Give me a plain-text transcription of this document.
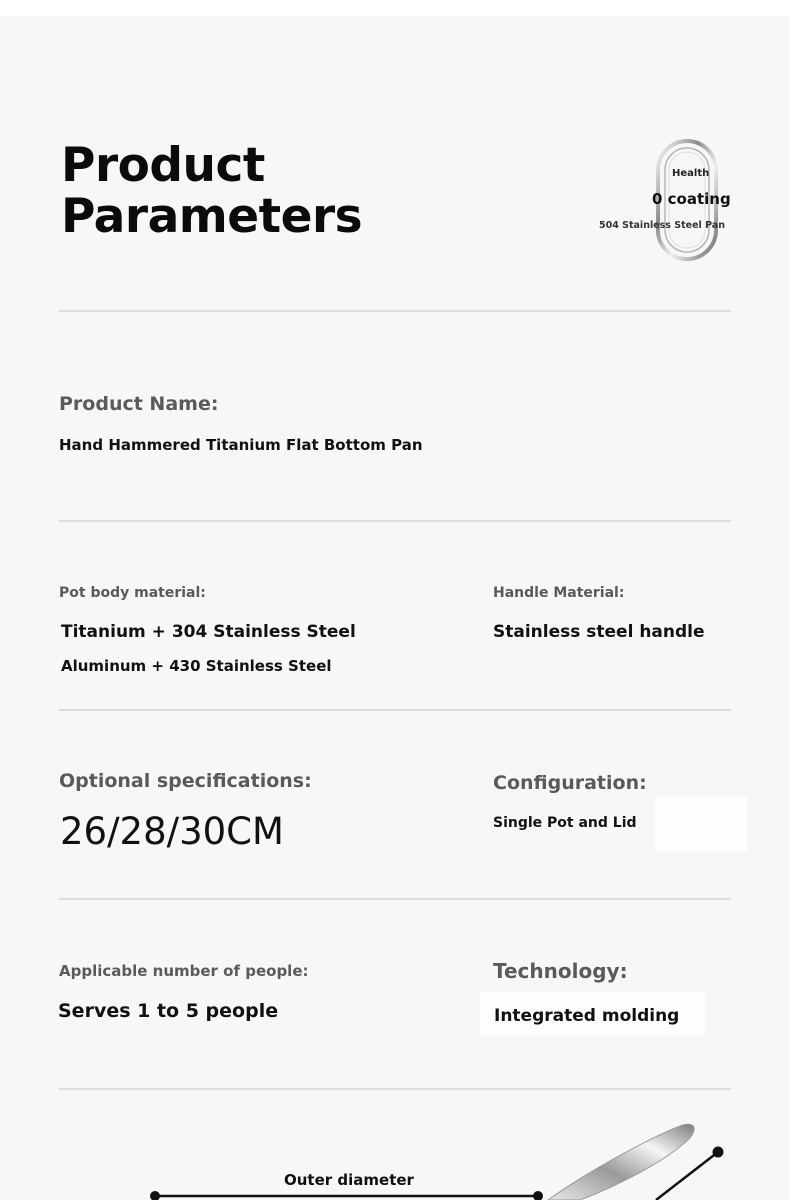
Product
Parameters
Health
0 coating
504 Stainless Steel Pan
Product Name:
Hand Hammered Titanium Flat Bottom Pan
Pot body material:
Titanium + 304 Stainless Steel
Aluminum + 430 Stainless Steel
Handle Material:
Stainless steel handle
Optional specifications:
26/28/30CM
Configuration:
Single Pot and Lid
Applicable number of people:
Serves 1 to 5 people
Technology:
Integrated molding
Outer diameter
